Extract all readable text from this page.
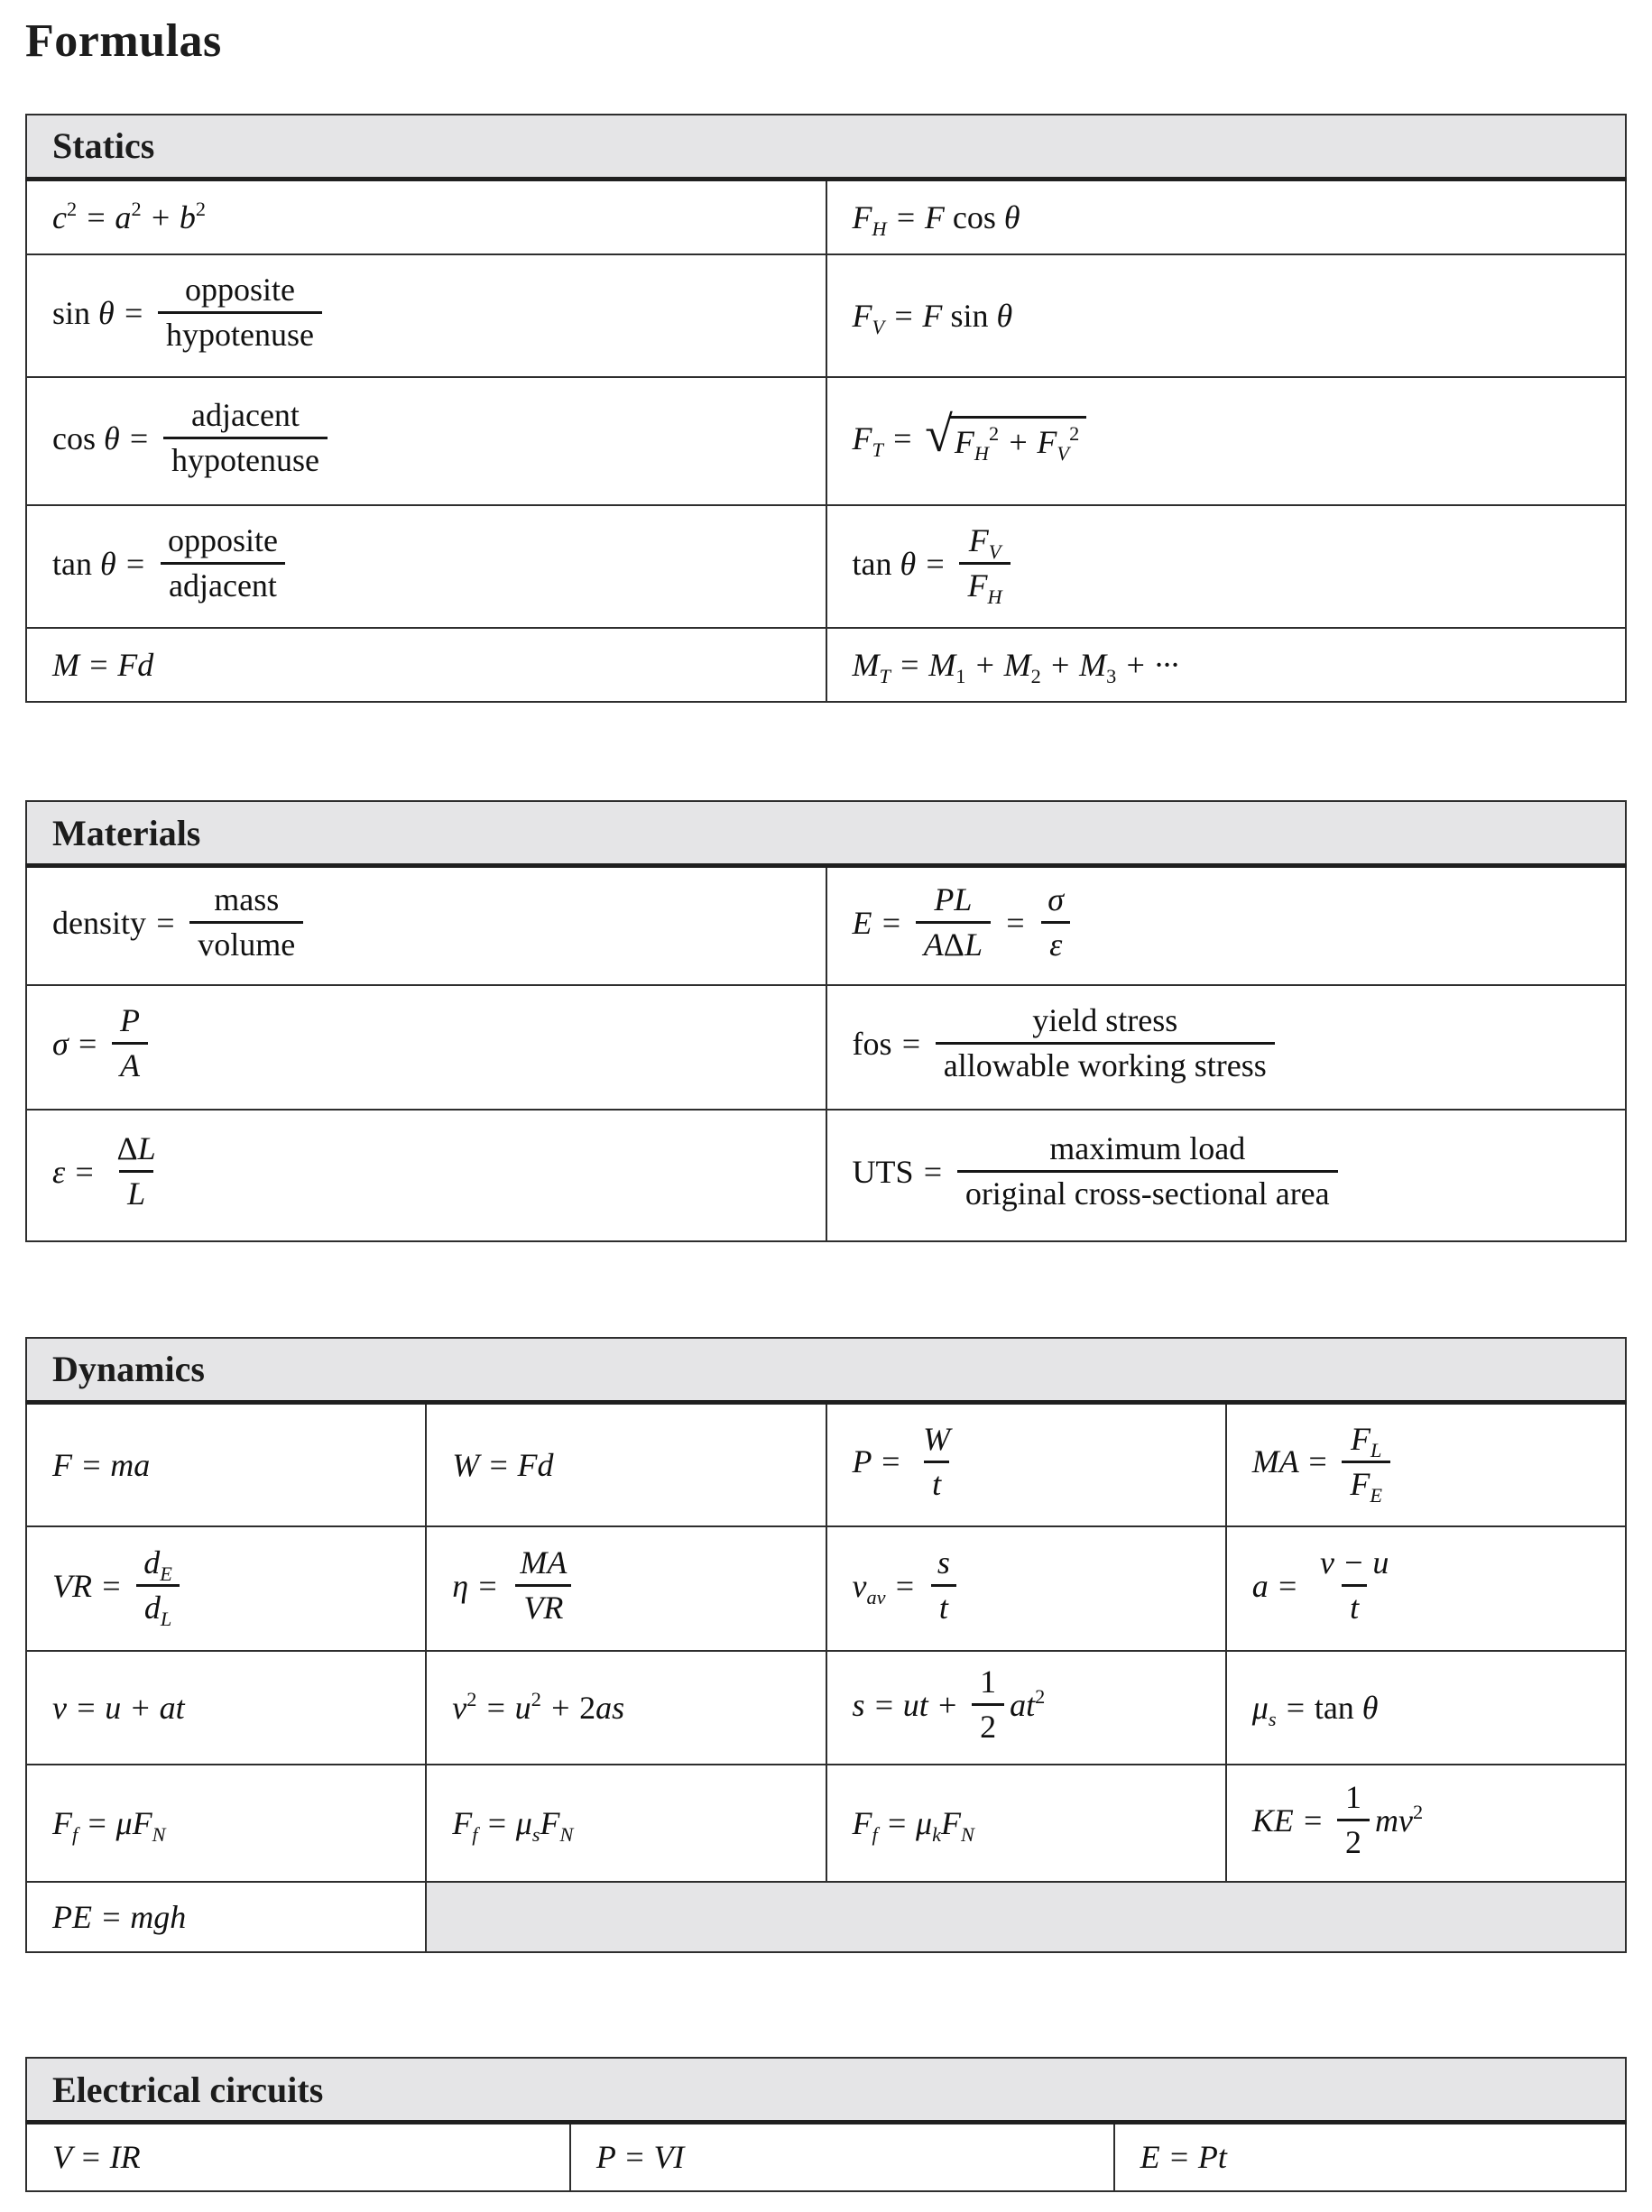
Formulas
Statics	
$c^2 = a^2 + b^2$	$F_H = F$ cos θ
$\sin \theta = \frac{\text{opposite}}{\text{hypotenuse}}$	$F_V = F$ sin θ
$\cos \theta = \frac{\text{adjacent}}{\text{hypotenuse}}$	$F_T$ = √ $F_H^2 + F_V^2$

$\tan \theta = \frac{\text{opposite}}{\text{adjacent}}$	$\tan \theta = \frac{F_V}{F_H}$

M = Fd	$M_T = M_1 + M_2 + M_3$ + ···
Materials	
density = $\frac{\text{mass}}{\text{volume}}$	$E = \frac{PL}{\text{AΔL}} = \frac{\sigma}{\varepsilon}$

$\sigma = \frac{P}{A}$	fos = $\frac{\text{yield stress}}{\text{allowable working stress}}$

$\varepsilon = \frac{\Delta L}{L}$	UTS = $\frac{\text{maximum load}}{\text{original cross-sectional area}}$
Dynamics			
F = ma	W = Fd	$P = \frac{W}{t}$	MA = $\frac{F_L}{F_E}$

VR = $\frac{d_E}{d_L}$	$\eta = \frac{MA}{VR}$	$v_{av} = \frac{s}{t}$	$a = \frac{v - u}{t}$

v = u + at	$v^2 = u^2 + 2as$	s = ut + $\frac{1}{2} at^2$	$\mu_s = \tan \theta$
$F_f = \mu F_N$	$F_f = \mu_sF_N$	$F_f = \mu_kF_N$	KE = $\frac{1}{2} mv^2$
PE = mgh			
Electrical circuits
V = IR	P = VI	E = Pt
